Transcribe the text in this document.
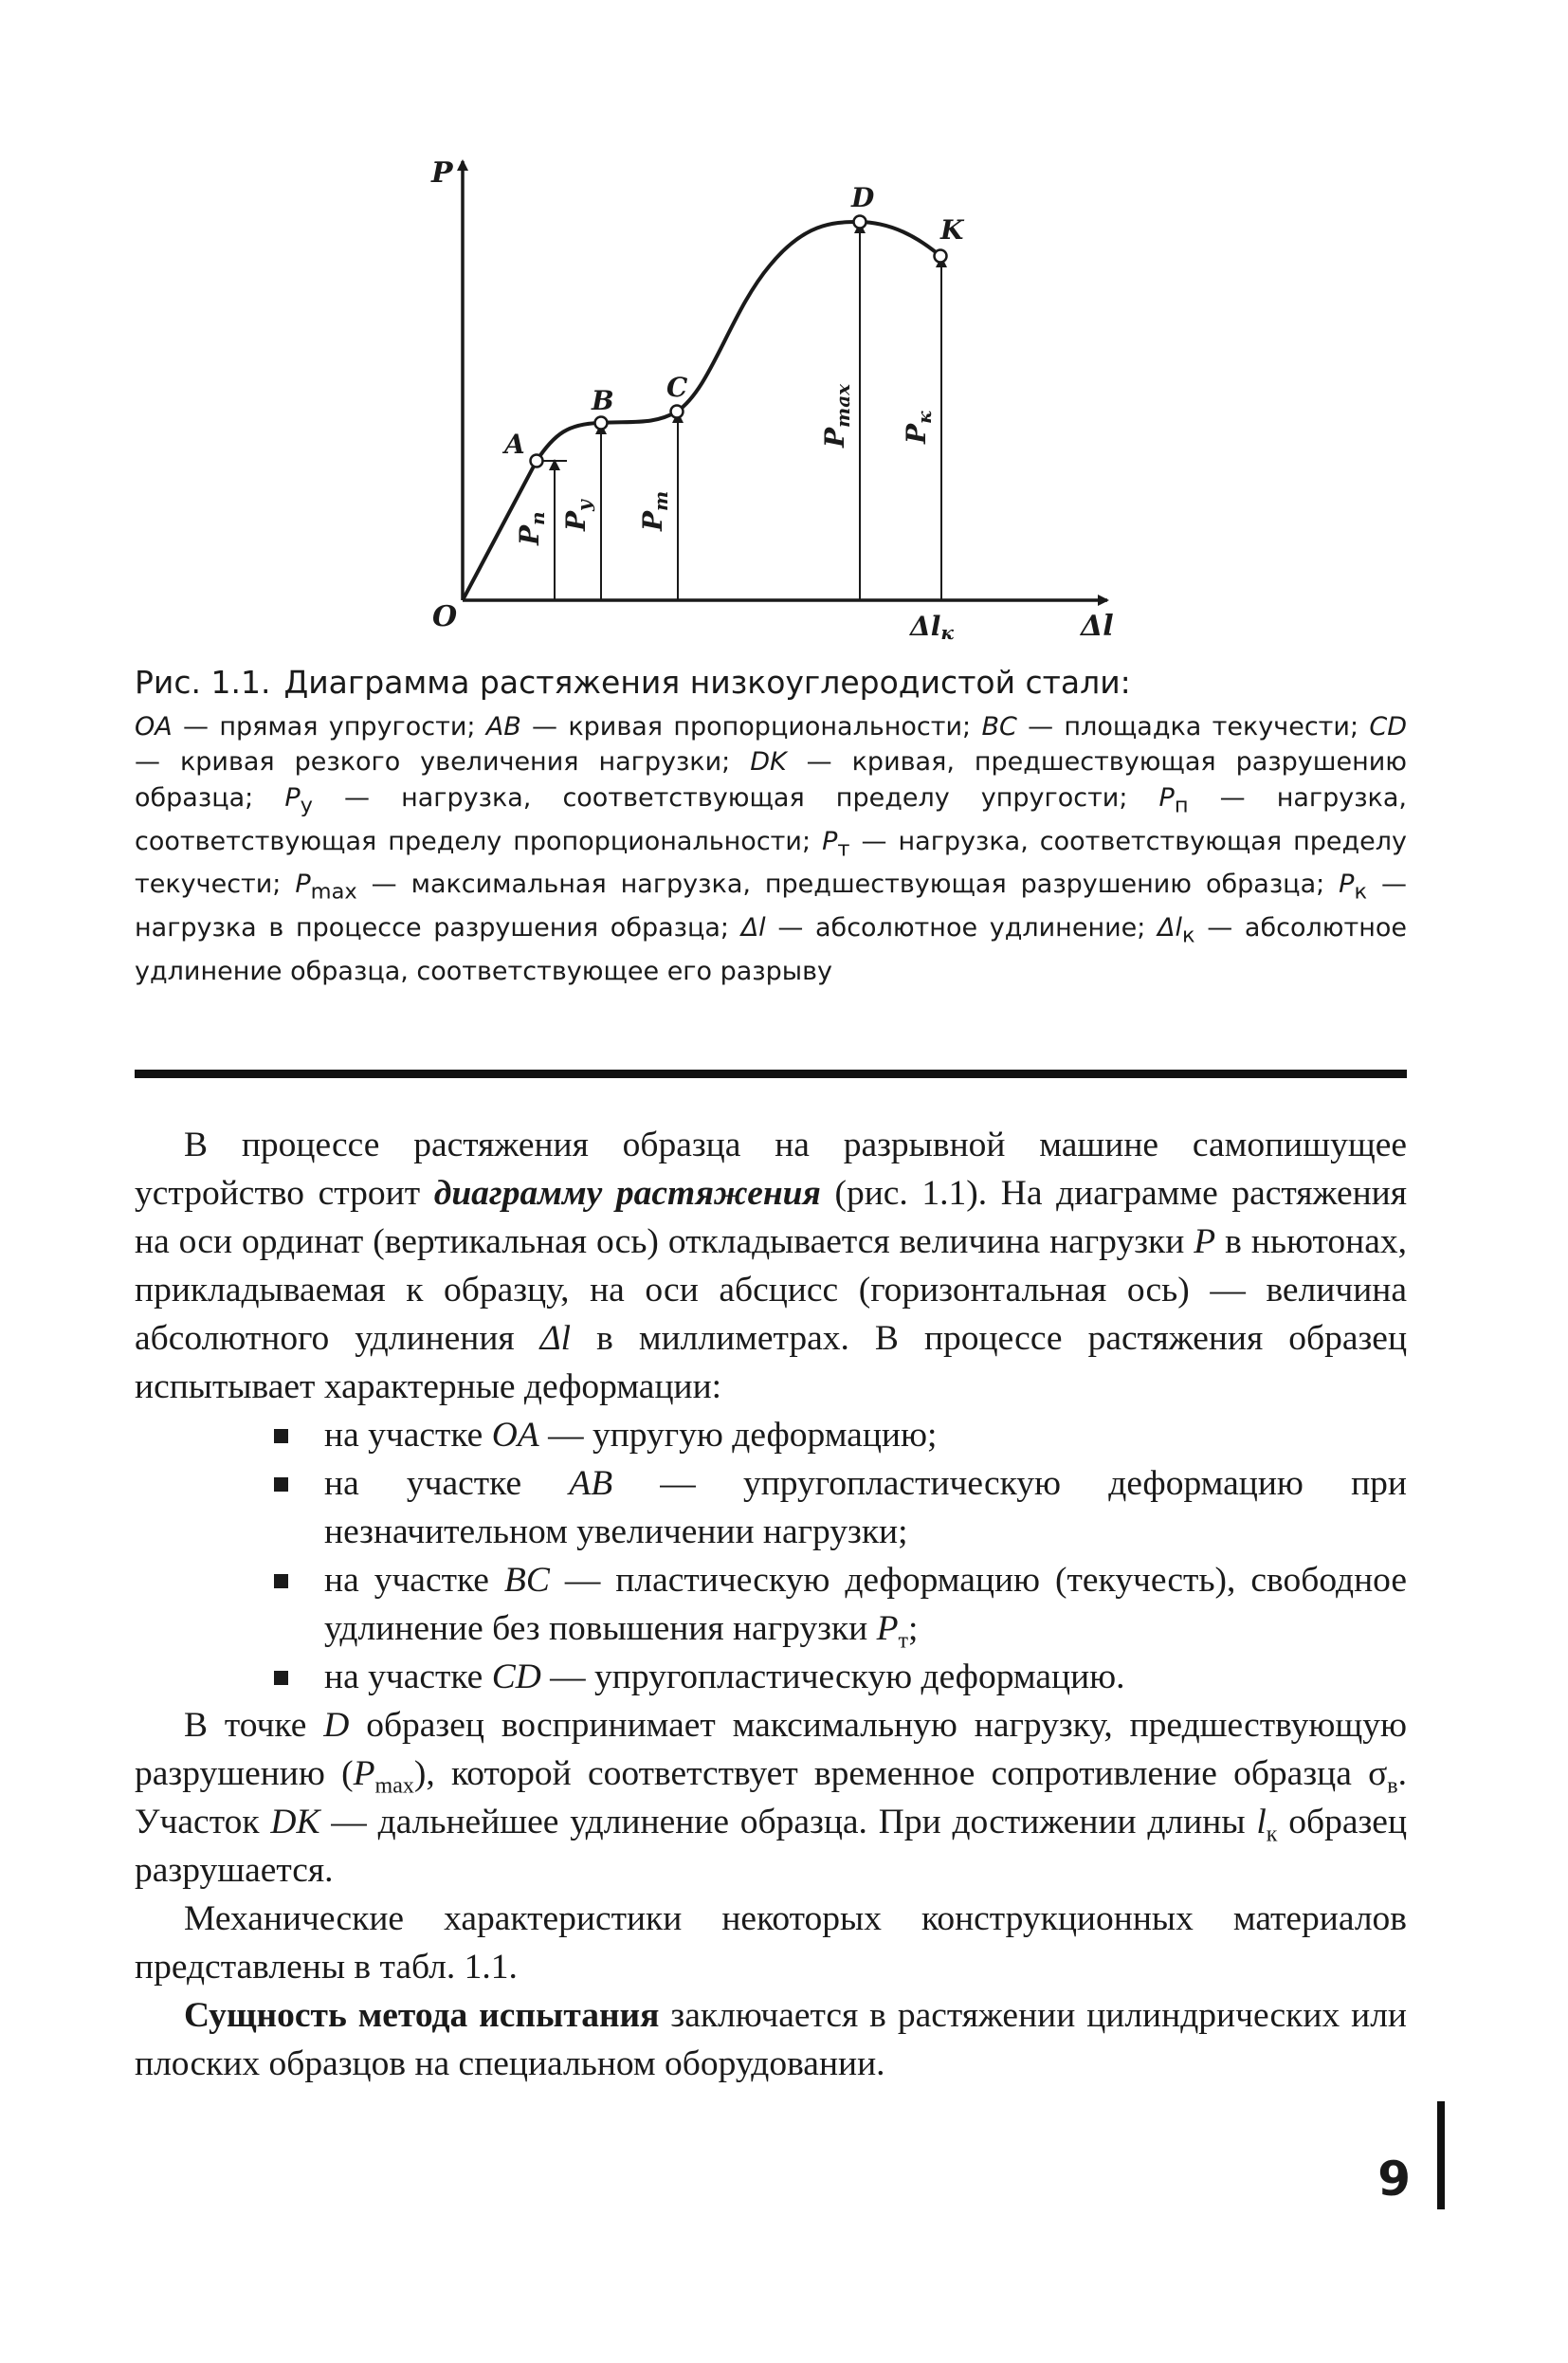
P
Δl
O
A
B C
D
K
$P_п$ $P_у$
$P_т$
$P_{max}$
$P_к$
Δlк

Рис. 1.1. Диаграмма растяжения низкоуглеродистой стали:

OA — прямая упругости; AB — кривая пропорциональности; BC — площадка текучести; CD — кривая резкого увеличения нагрузки; DK — кривая, предшествующая разрушению образца; $P_у$ — нагрузка, соответствующая пределу упругости; $P_п$ — нагрузка, соответствующая пределу пропорциональности; $P_т$ — нагрузка, соответствующая пределу текучести; $P_{max}$ — максимальная нагрузка, предшествующая разрушению образца; $P_к$ — нагрузка в процессе разрушения образца; Δl — абсолютное удлинение; $\Delta l_к$ — абсолютное удлинение образца, соответствующее его разрыву

В процессе растяжения образца на разрывной машине самопишущее устройство строит диаграмму растяжения (рис. 1.1). На диаграмме растяжения на оси ординат (вертикальная ось) откладывается величина нагрузки P в ньютонах, прикладываемая к образцу, на оси абсцисс (горизонтальная ось) — величина абсолютного удлинения Δl в миллиметрах. В процессе растяжения образец испытывает характерные деформации:

на участке OA — упругую деформацию;
на участке AB — упругопластическую деформацию при незначительном увеличении нагрузки;
на участке BC — пластическую деформацию (текучесть), свободное удлинение без повышения нагрузки $P_т$;
на участке CD — упругопластическую деформацию.

В точке D образец воспринимает максимальную нагрузку, предшествующую разрушению $(P_{max})$, которой соответствует временное сопротивление образца $\sigma_в$. Участок DK — дальнейшее удлинение образца. При достижении длины $l_к$ образец разрушается.

Механические характеристики некоторых конструкционных материалов представлены в табл. 1.1.

Сущность метода испытания заключается в растяжении цилиндрических или плоских образцов на специальном оборудовании.

9
